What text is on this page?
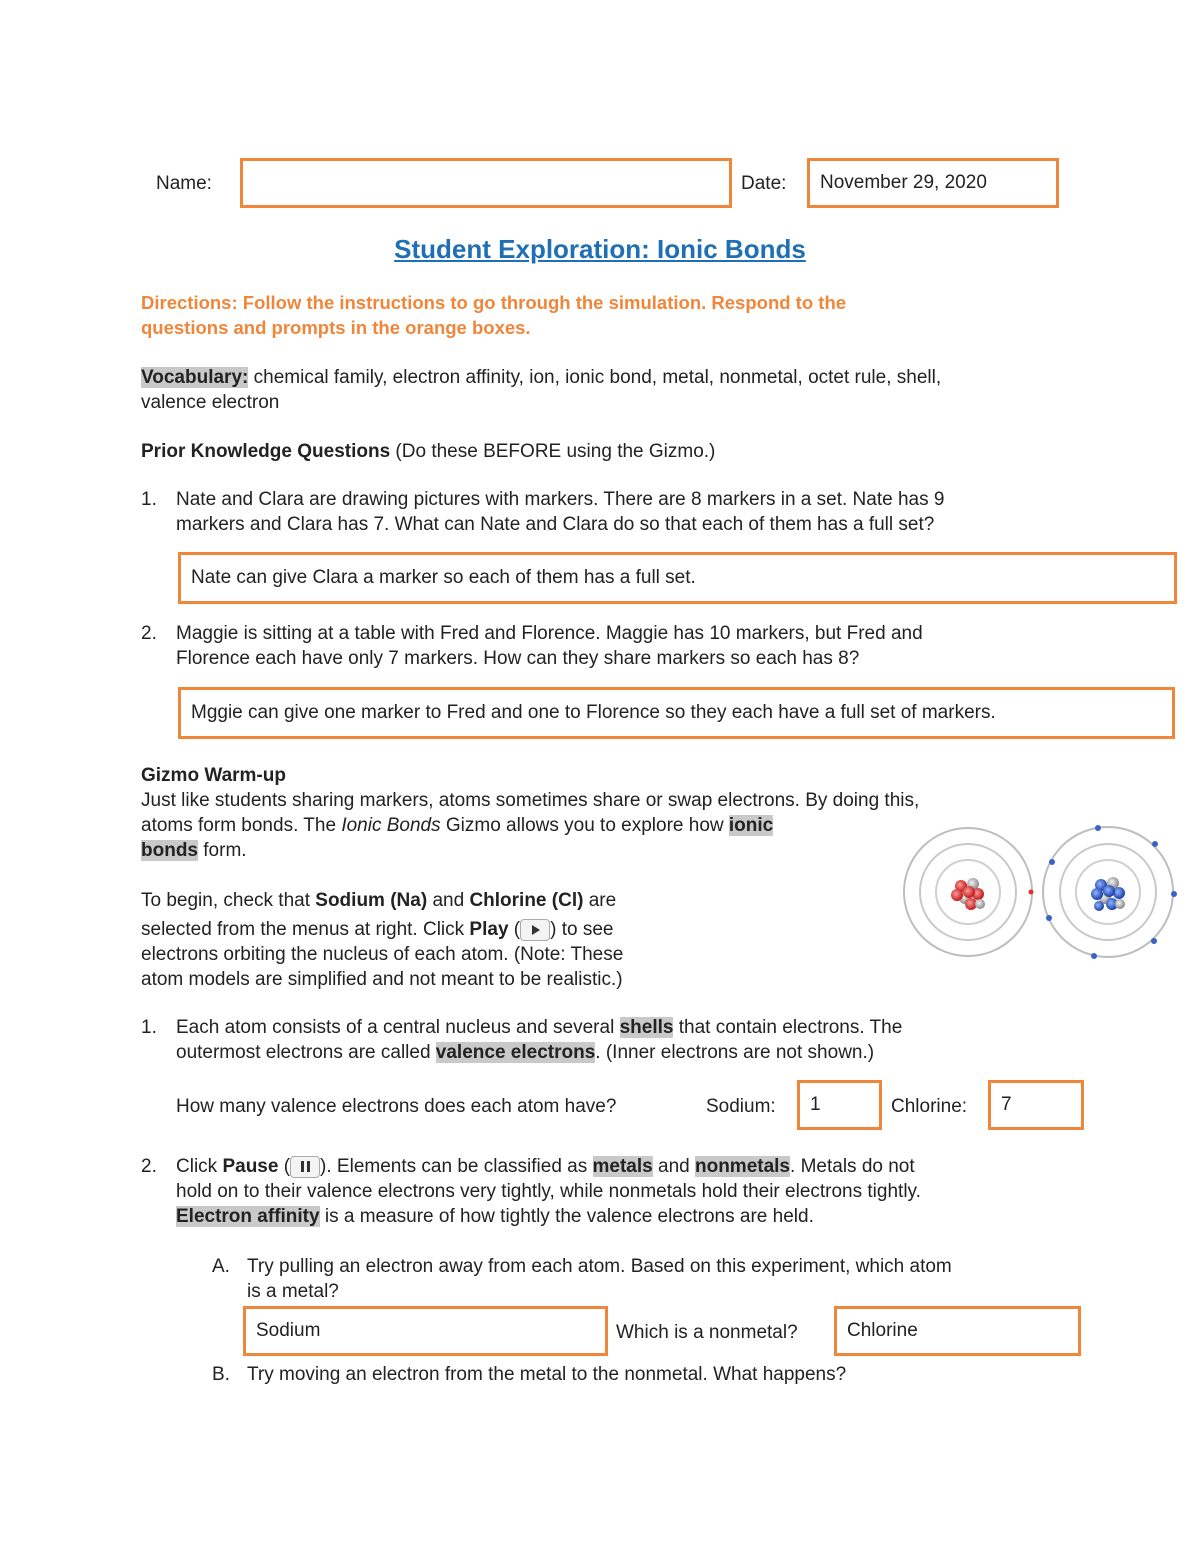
Name:	Date: November 29, 2020
Student Exploration: Ionic Bonds
Directions: Follow the instructions to go through the simulation. Respond to the
questions and prompts in the orange boxes.
Vocabulary: chemical family, electron affinity, ion, ionic bond, metal, nonmetal, octet rule, shell,
valence electron
Prior Knowledge Questions (Do these BEFORE using the Gizmo.)
1.	Nate and Clara are drawing pictures with markers. There are 8 markers in a set. Nate has 9
markers and Clara has 7. What can Nate and Clara do so that each of them has a full set?
Nate can give Clara a marker so each of them has a full set.
2.	Maggie is sitting at a table with Fred and Florence. Maggie has 10 markers, but Fred and
Florence each have only 7 markers. How can they share markers so each has 8?
Mggie can give one marker to Fred and one to Florence so they each have a full set of markers.
Gizmo Warm-up
Just like students sharing markers, atoms sometimes share or swap electrons. By doing this,
atoms form bonds. The Ionic Bonds Gizmo allows you to explore how ionic
bonds form.
To begin, check that Sodium (Na) and Chlorine (Cl) are
selected from the menus at right. Click Play ( ) to see
electrons orbiting the nucleus of each atom. (Note: These
atom models are simplified and not meant to be realistic.)
1.	Each atom consists of a central nucleus and several shells that contain electrons. The
outermost electrons are called valence electrons. (Inner electrons are not shown.)
How many valence electrons does each atom have?	Sodium: 1	Chlorine: 7
2.	Click Pause ( ). Elements can be classified as metals and nonmetals. Metals do not
hold on to their valence electrons very tightly, while nonmetals hold their electrons tightly.
Electron affinity is a measure of how tightly the valence electrons are held.
A. Try pulling an electron away from each atom. Based on this experiment, which atom
is a metal?
Sodium	Which is a nonmetal?	Chlorine
B. Try moving an electron from the metal to the nonmetal. What happens?
